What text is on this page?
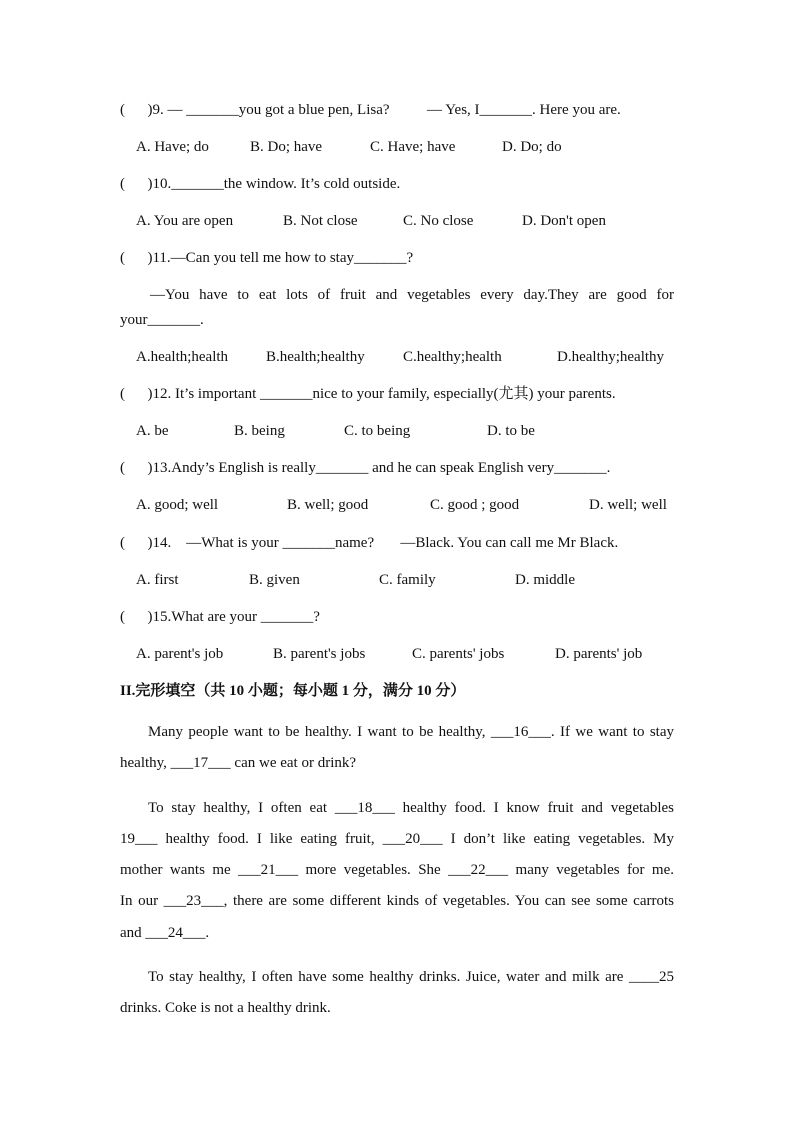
(      )9. — _______you got a blue pen, Lisa?          — Yes, I_______. Here you are.
A. Have; do	B. Do; have	C. Have; have	D. Do; do
(      )10._______the window. It’s cold outside.
A. You are open	B. Not close	C. No close	D. Don't open
(      )11.—Can you tell me how to stay_______?
—You have to eat lots of fruit and vegetables every day.They are good for
your_______.
A.health;health	B.health;healthy	C.healthy;health	D.healthy;healthy
(      )12. It’s important _______nice to your family, especially(尤其) your parents.
A. be	B. being	C. to being	D. to be
(      )13.Andy’s English is really_______ and he can speak English very_______.
A. good; well	B. well; good	C. good ; good	D. well; well
(      )14.    —What is your _______name?       —Black. You can call me Mr Black.
A. first	B. given	C. family	D. middle
(      )15.What are your _______?
A. parent's job	B. parent's jobs	C. parents' jobs	D. parents' job
II.完形填空（共 10 小题；每小题 1 分，满分 10 分）
Many people want to be healthy. I want to be healthy, ___16___. If we want to stay
healthy, ___17___ can we eat or drink?
To stay healthy, I often eat ___18___ healthy food. I know fruit and vegetables
19___ healthy food. I like eating fruit, ___20___ I don’t like eating vegetables. My
mother wants me ___21___ more vegetables. She ___22___ many vegetables for me.
In our ___23___, there are some different kinds of vegetables. You can see some carrots
and ___24___.
To stay healthy, I often have some healthy drinks. Juice, water and milk are ____25
drinks. Coke is not a healthy drink.
